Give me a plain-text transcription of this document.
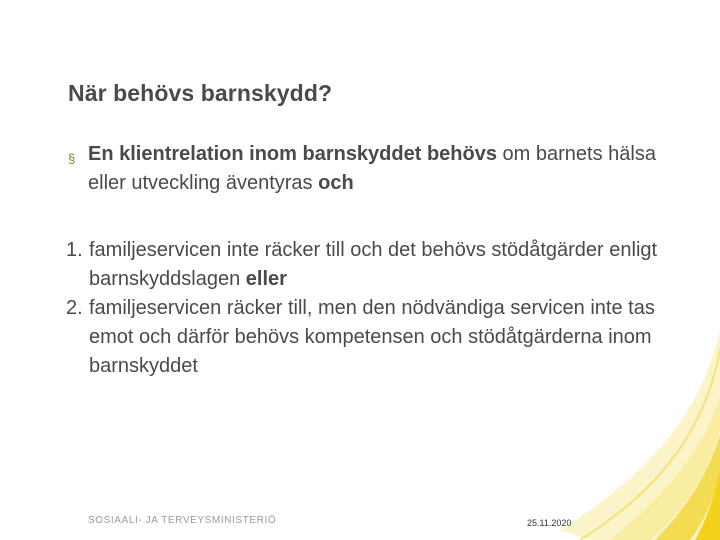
När behövs barnskydd?
§ En klientrelation inom barnskyddet behövs om barnets hälsa eller utveckling äventyras och
1. familjeservicen inte räcker till och det behövs stödåtgärder enligt barnskyddslagen eller
2. familjeservicen räcker till, men den nödvändiga servicen inte tas emot och därför behövs kompetensen och stödåtgärderna inom barnskyddet
SOSIAALI- JA TERVEYSMINISTERIÖ	25.11.2020
